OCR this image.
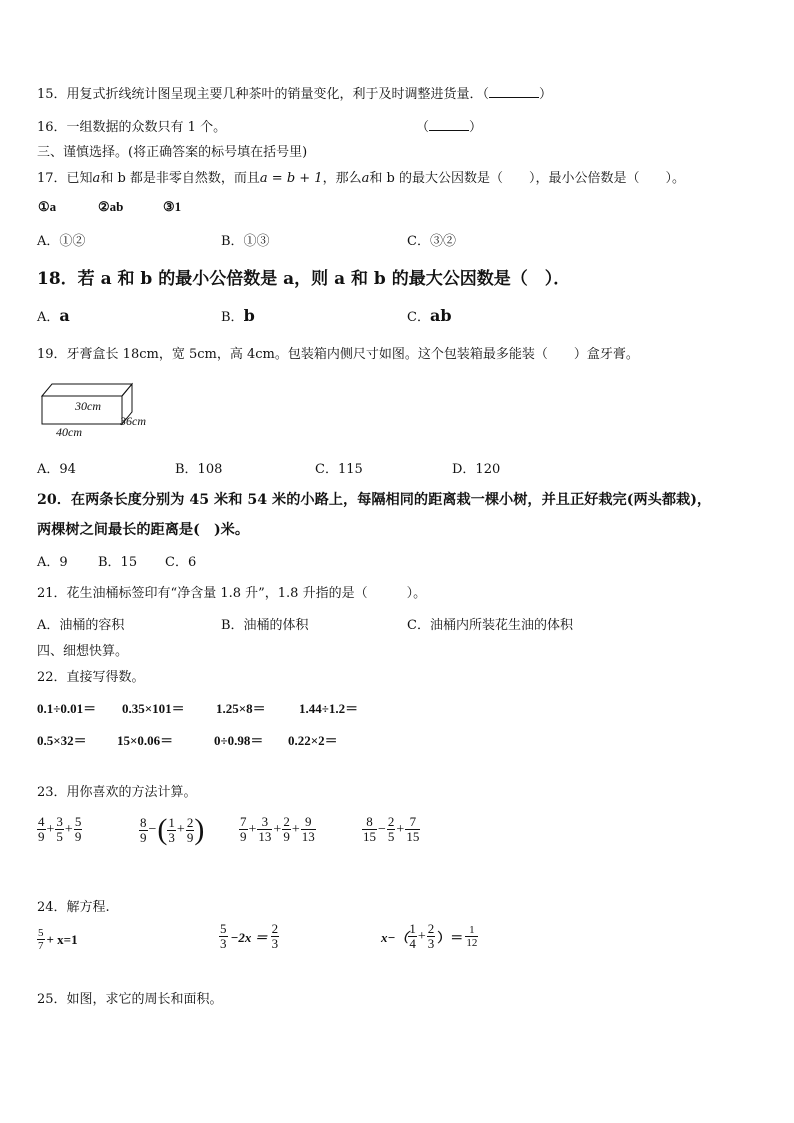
15．用复式折线统计图呈现主要几种茶叶的销量变化，利于及时调整进货量．（	）
16．一组数据的众数只有 1 个。	（	）
三、谨慎选择。(将正确答案的标号填在括号里)
17．已知a和 b 都是非零自然数，而且a = b + 1，那么a和 b 的最大公因数是（　　），最小公倍数是（　　）。
①a	②ab	③1
A．①②	B．①③	C．③②
18．若 a 和 b 的最小公倍数是 a，则 a 和 b 的最大公因数是（　）．
A．a	B．b	C．ab
19．牙膏盒长 18cm，宽 5cm，高 4cm。包装箱内侧尺寸如图。这个包装箱最多能装（　　）盒牙膏。
30cm
36cm
40cm
A．94	B．108	C．115	D．120
20．在两条长度分别为 45 米和 54 米的小路上，每隔相同的距离栽一棵小树，并且正好栽完(两头都栽)，
两棵树之间最长的距离是(　)米。
A．9 B．15 C．6
21．花生油桶标签印有“净含量 1.8 升”，1.8 升指的是（　　　）。
A．油桶的容积	B．油桶的体积	C．油桶内所装花生油的体积
四、细想快算。
22．直接写得数。
0.1÷0.01＝ 0.35×101＝ 1.25×8＝	1.44÷1.2＝
0.5×32＝ 15×0.06＝	0÷0.98＝ 0.22×2＝
23．用你喜欢的方法计算。
$\frac{4}{9} + \frac{3}{5} + \frac{5}{9}$	$\frac{8}{9}$ − ( $\frac{1}{3} + \frac{2}{9}$ )	$\frac{7}{9} + \frac{3}{13} + \frac{2}{9} + \frac{9}{13}$	$\frac{8}{15} - \frac{2}{5} + \frac{7}{15}$
24．解方程.
$\frac{5}{7} + x=1$	$\frac{5}{3} -2x = \frac{2}{3}$	$x-( \frac{1}{4} + \frac{2}{3}$ ）＝ $\frac{1}{12}$
25．如图，求它的周长和面积。
